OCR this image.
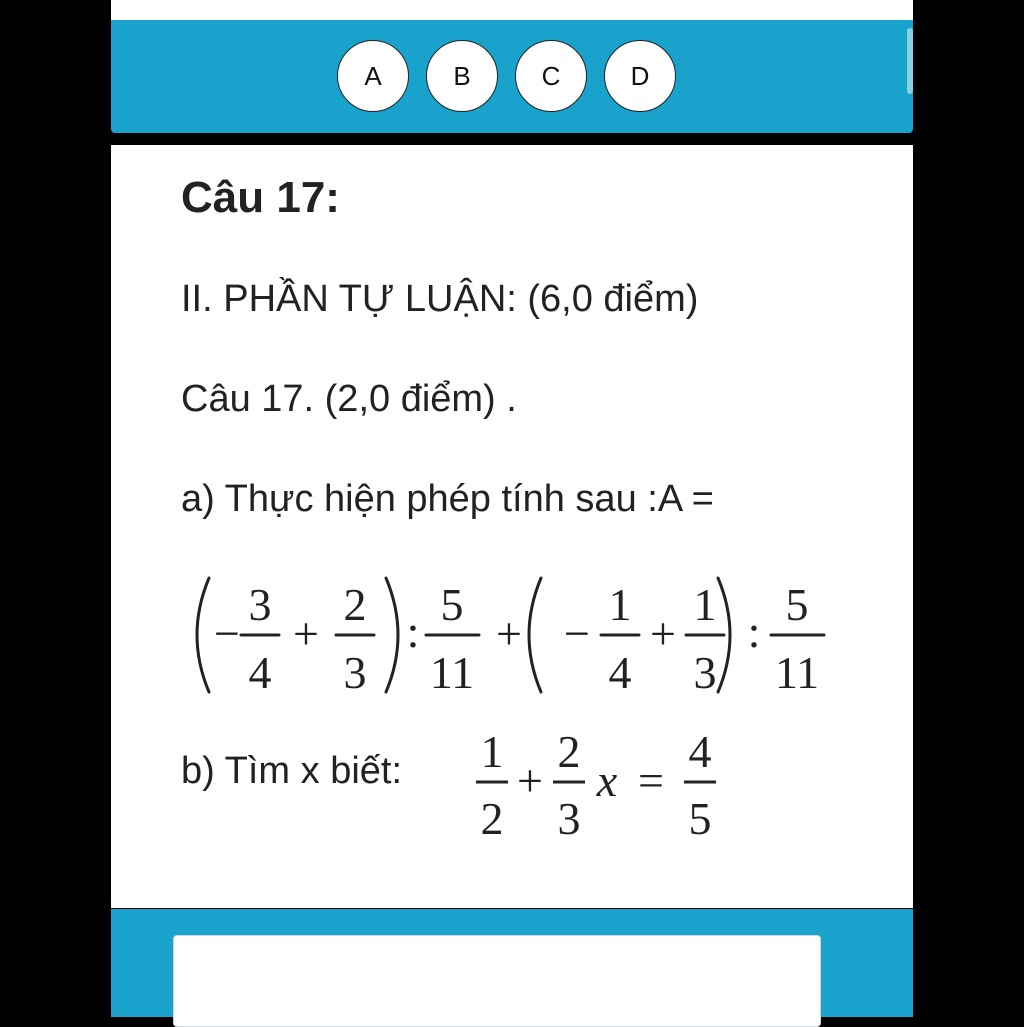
A	B	C	D
Câu 17:
II. PHẦN TỰ LUẬN: (6,0 điểm)
Câu 17. (2,0 điểm) .
a) Thực hiện phép tính sau :A =
−
3
4
+
2
3
:
5
11
+ −
1
4
+
1
3
:
5
11
b) Tìm x biết: 1
2
+
2
3
x =
4
5
